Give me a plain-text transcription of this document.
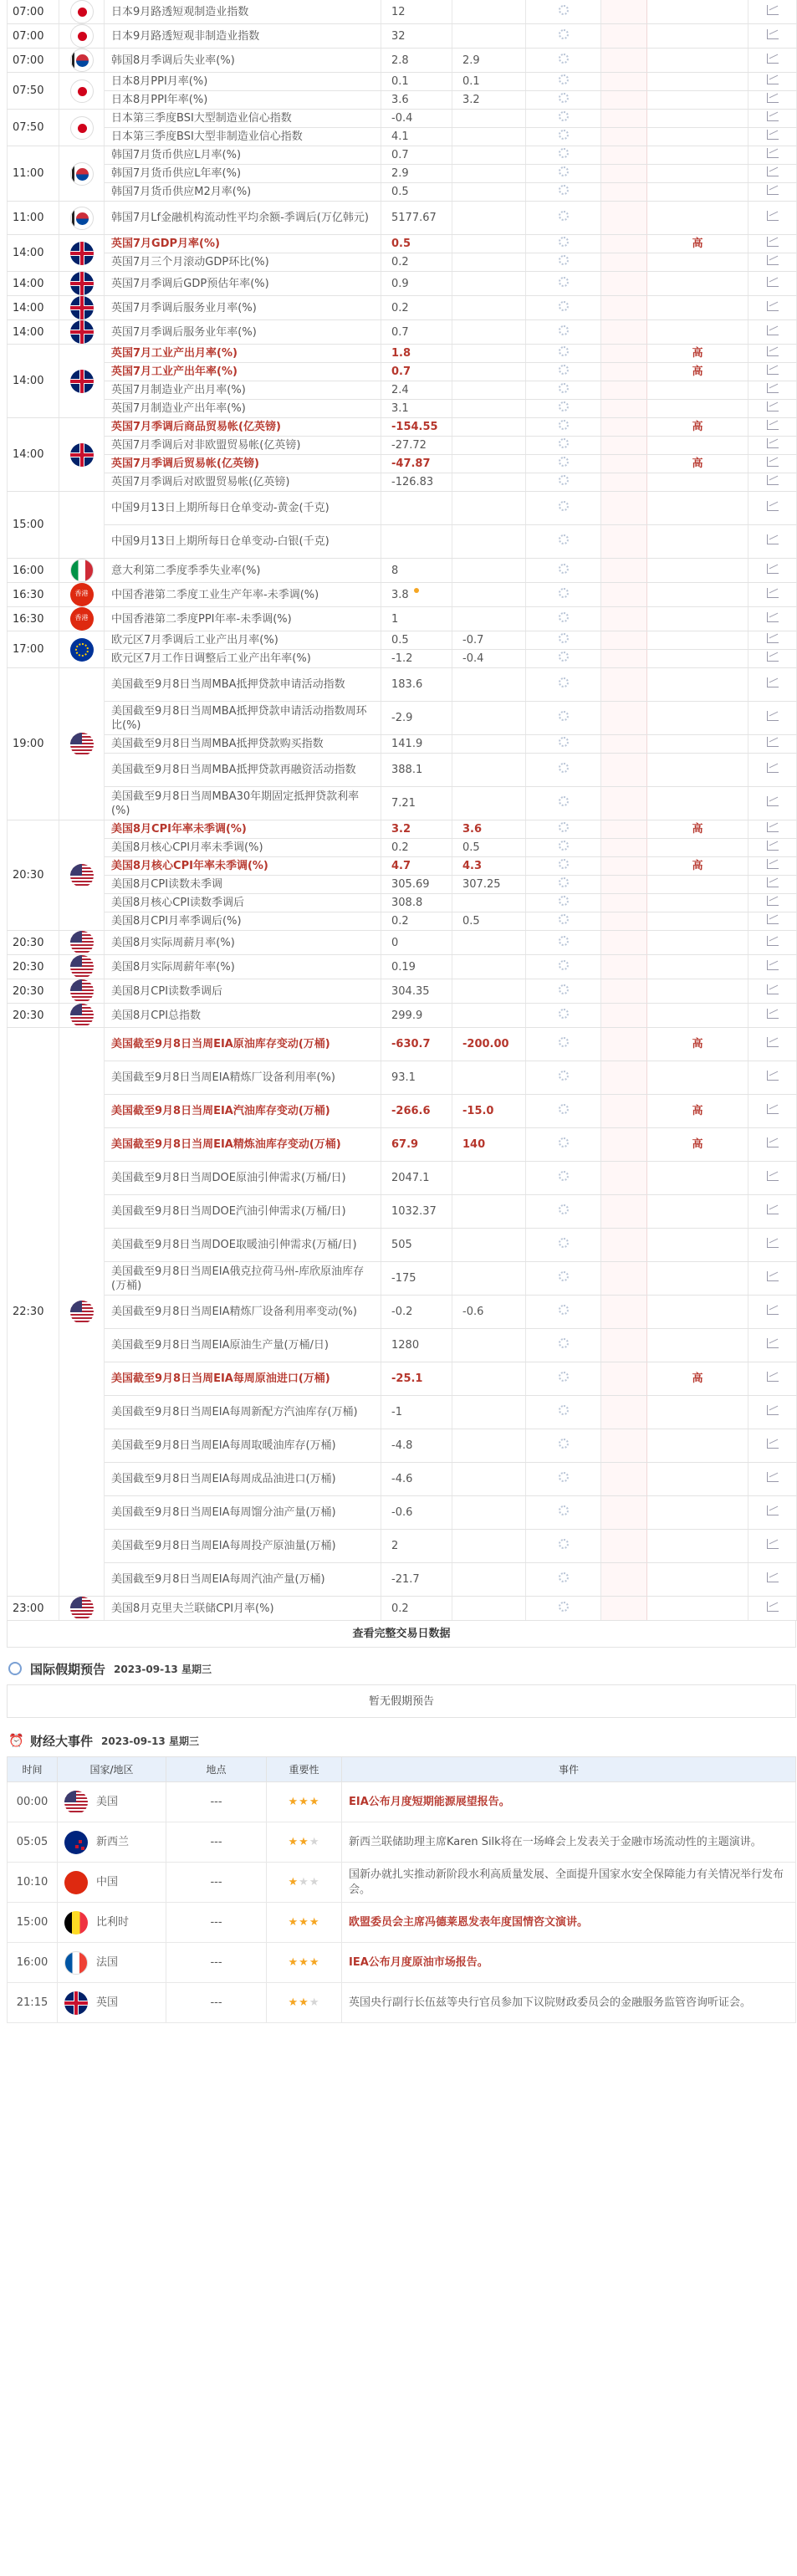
07:00		日本9月路透短观制造业指数	12					
07:00		日本9月路透短观非制造业指数	32					
07:00		韩国8月季调后失业率(%)	2.8	2.9				
07:50		日本8月PPI月率(%)	0.1	0.1				
		日本8月PPI年率(%)	3.6	3.2				
07:50		日本第三季度BSI大型制造业信心指数	-0.4					
		日本第三季度BSI大型非制造业信心指数	4.1					
11:00		韩国7月货币供应L月率(%)	0.7					
		韩国7月货币供应L年率(%)	2.9					
		韩国7月货币供应M2月率(%)	0.5					
11:00		韩国7月Lf金融机构流动性平均余额-季调后(万亿韩元)	5177.67					
14:00		英国7月GDP月率(%)	0.5				高	
		英国7月三个月滚动GDP环比(%)	0.2					
14:00		英国7月季调后GDP预估年率(%)	0.9					
14:00		英国7月季调后服务业月率(%)	0.2					
14:00		英国7月季调后服务业年率(%)	0.7					
14:00		英国7月工业产出月率(%)	1.8				高	
		英国7月工业产出年率(%)	0.7				高	
		英国7月制造业产出月率(%)	2.4					
		英国7月制造业产出年率(%)	3.1					
14:00		英国7月季调后商品贸易帐(亿英镑)	-154.55				高	
		英国7月季调后对非欧盟贸易帐(亿英镑)	-27.72					
		英国7月季调后贸易帐(亿英镑)	-47.87				高	
		英国7月季调后对欧盟贸易帐(亿英镑)	-126.83					
15:00		中国9月13日上期所每日仓单变动-黄金(千克)						
		中国9月13日上期所每日仓单变动-白银(千克)						
16:00		意大利第二季度季季失业率(%)	8					
16:30	香港	中国香港第二季度工业生产年率-未季调(%)	3.8					
16:30	香港	中国香港第二季度PPI年率-未季调(%)	1					
17:00		欧元区7月季调后工业产出月率(%)	0.5	-0.7				
		欧元区7月工作日调整后工业产出年率(%)	-1.2	-0.4				
19:00		美国截至9月8日当周MBA抵押贷款申请活动指数	183.6					
		美国截至9月8日当周MBA抵押贷款申请活动指数周环比(%)	-2.9					
		美国截至9月8日当周MBA抵押贷款购买指数	141.9					
		美国截至9月8日当周MBA抵押贷款再融资活动指数	388.1					
		美国截至9月8日当周MBA30年期固定抵押贷款利率(%)	7.21					
20:30		美国8月CPI年率未季调(%)	3.2	3.6			高	
		美国8月核心CPI月率未季调(%)	0.2	0.5				
		美国8月核心CPI年率未季调(%)	4.7	4.3			高	
		美国8月CPI读数未季调	305.69	307.25				
		美国8月核心CPI读数季调后	308.8					
		美国8月CPI月率季调后(%)	0.2	0.5				
20:30		美国8月实际周薪月率(%)	0					
20:30		美国8月实际周薪年率(%)	0.19					
20:30		美国8月CPI读数季调后	304.35					
20:30		美国8月CPI总指数	299.9					
22:30		美国截至9月8日当周EIA原油库存变动(万桶)	-630.7	-200.00			高	
		美国截至9月8日当周EIA精炼厂设备利用率(%)	93.1					
		美国截至9月8日当周EIA汽油库存变动(万桶)	-266.6	-15.0			高	
		美国截至9月8日当周EIA精炼油库存变动(万桶)	67.9	140			高	
		美国截至9月8日当周DOE原油引伸需求(万桶/日)	2047.1					
		美国截至9月8日当周DOE汽油引伸需求(万桶/日)	1032.37					
		美国截至9月8日当周DOE取暖油引伸需求(万桶/日)	505					
		美国截至9月8日当周EIA俄克拉荷马州-库欣原油库存(万桶)	-175					
		美国截至9月8日当周EIA精炼厂设备利用率变动(%)	-0.2	-0.6				
		美国截至9月8日当周EIA原油生产量(万桶/日)	1280					
		美国截至9月8日当周EIA每周原油进口(万桶)	-25.1				高	
		美国截至9月8日当周EIA每周新配方汽油库存(万桶)	-1					
		美国截至9月8日当周EIA每周取暖油库存(万桶)	-4.8					
		美国截至9月8日当周EIA每周成品油进口(万桶)	-4.6					
		美国截至9月8日当周EIA每周馏分油产量(万桶)	-0.6					
		美国截至9月8日当周EIA每周投产原油量(万桶)	2					
		美国截至9月8日当周EIA每周汽油产量(万桶)	-21.7					
23:00		美国8月克里夫兰联储CPI月率(%)	0.2					
查看完整交易日数据
国际假期预告 2023-09-13 星期三
暂无假期预告
⏰ 财经大事件 2023-09-13 星期三
时间	国家/地区	地点	重要性	事件
00:00	美国	---	★★★	EIA公布月度短期能源展望报告。
05:05	新西兰	---	★★★	新西兰联储助理主席Karen Silk将在一场峰会上发表关于金融市场流动性的主题演讲。
10:10	中国	---	★★★	国新办就扎实推动新阶段水利高质量发展、全面提升国家水安全保障能力有关情况举行发布会。
15:00	比利时	---	★★★	欧盟委员会主席冯德莱恩发表年度国情咨文演讲。
16:00	法国	---	★★★	IEA公布月度原油市场报告。
21:15	英国	---	★★★	英国央行副行长伍兹等央行官员参加下议院财政委员会的金融服务监管咨询听证会。
